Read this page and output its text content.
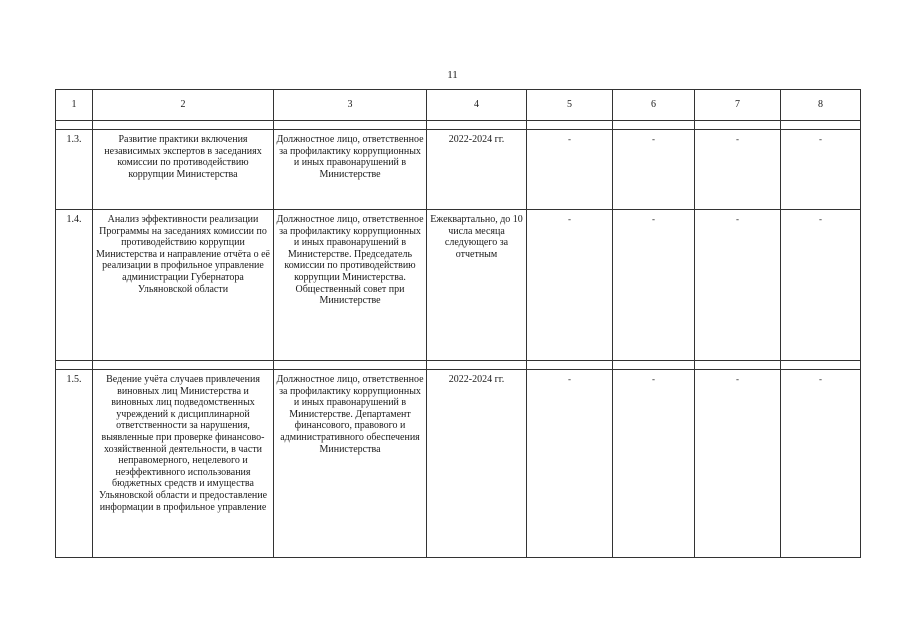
11
1	2	3	4	5	6	7	8

1.3.	Развитие практики включения независимых экспертов в заседаниях комиссии по противодействию коррупции Министерства	Должностное лицо, ответственное за профилактику коррупционных и иных правонарушений в Министерстве	2022-2024 гг.	-	-	-	-
1.4.	Анализ эффективности реализации Программы на заседаниях комиссии по противодействию коррупции Министерства и направление отчёта о её реализации в профильное управление администрации Губернатора Ульяновской области	Должностное лицо, ответственное за профилактику коррупционных и иных правонарушений в Министерстве. Председатель комиссии по противодействию коррупции Министерства. Общественный совет при Министерстве	Ежеквартально, до 10 числа месяца следующего за отчетным	-	-	-	-

1.5.	Ведение учёта случаев привлечения виновных лиц Министерства и виновных лиц подведомственных учреждений к дисциплинарной ответственности за нарушения, выявленные при проверке финансово-хозяйственной деятельности, в части неправомерного, нецелевого и неэффективного использования бюджетных средств и имущества Ульяновской области и предоставление информации в профильное управление	Должностное лицо, ответственное за профилактику коррупционных и иных правонарушений в Министерстве. Департамент финансового, правового и административного обеспечения Министерства	2022-2024 гг.	-	-	-	-
